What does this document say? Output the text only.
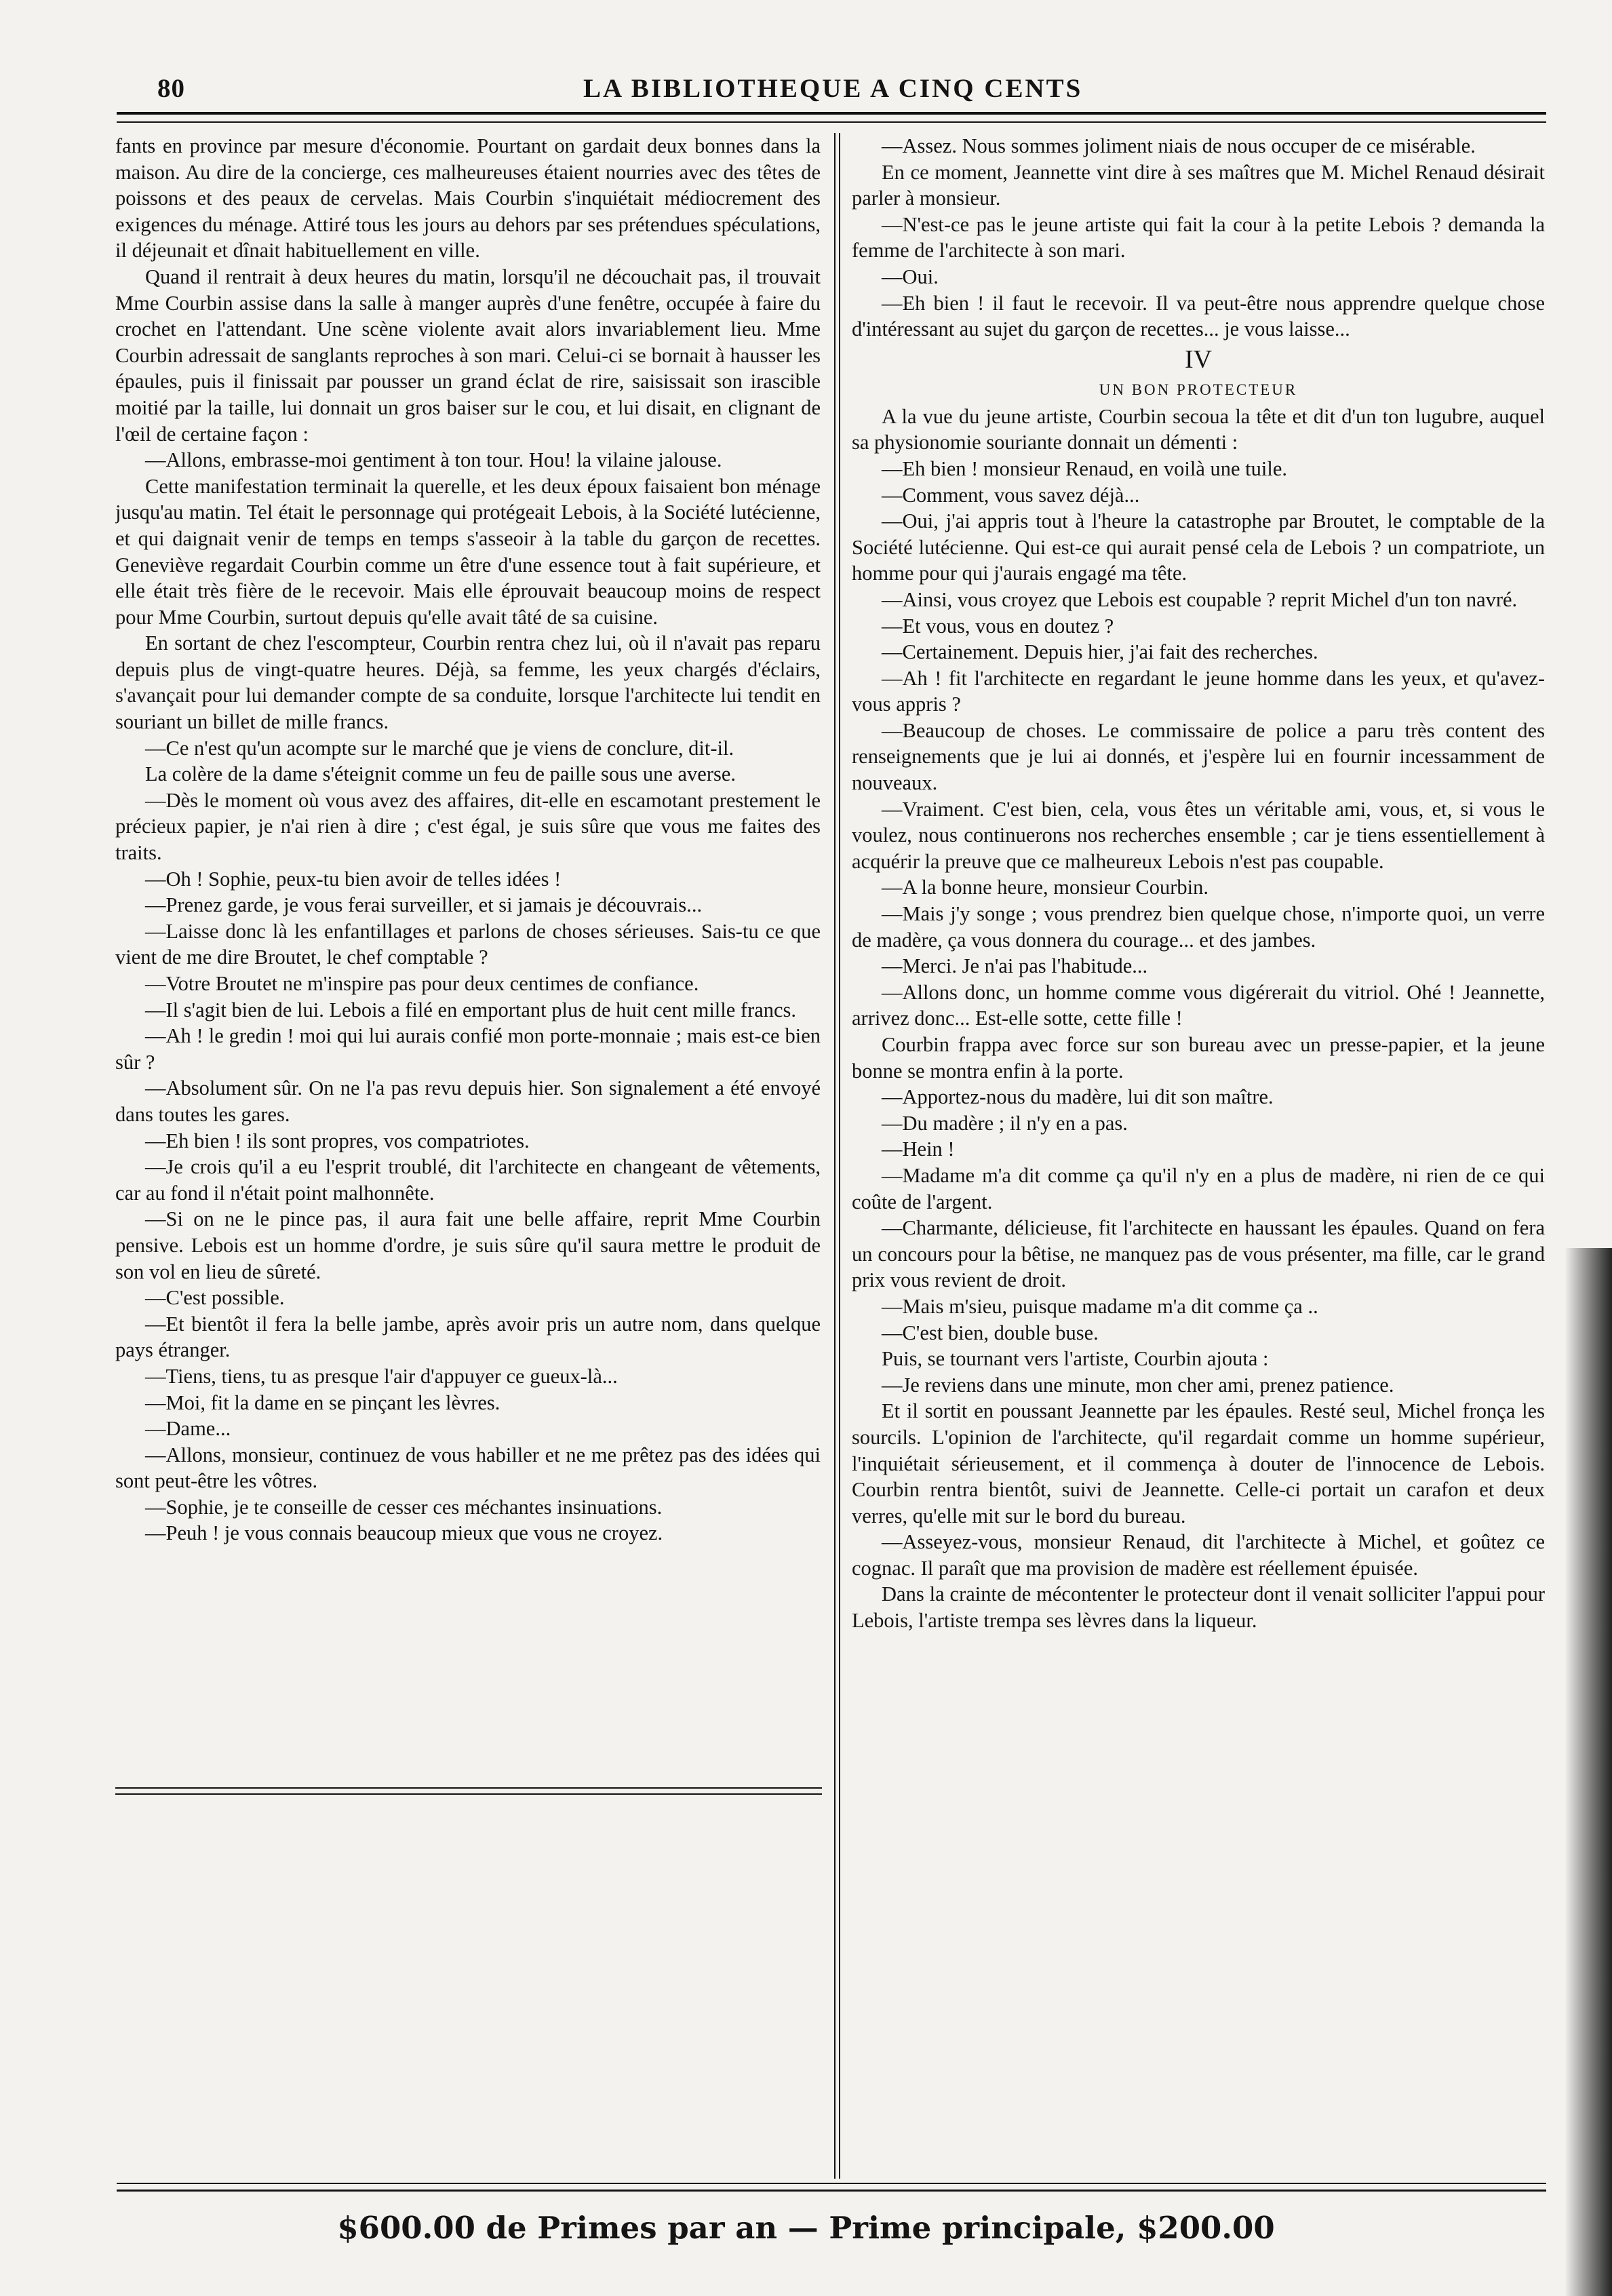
80	LA BIBLIOTHEQUE A CINQ CENTS

fants en province par mesure d'économie. Pourtant on gardait deux bonnes dans la maison. Au dire de la concierge, ces malheureuses étaient nourries avec des têtes de poissons et des peaux de cervelas. Mais Courbin s'inquiétait médiocrement des exigences du ménage. Attiré tous les jours au dehors par ses prétendues spéculations, il déjeunait et dînait habituellement en ville.

Quand il rentrait à deux heures du matin, lorsqu'il ne découchait pas, il trouvait Mme Courbin assise dans la salle à manger auprès d'une fenêtre, occupée à faire du crochet en l'attendant. Une scène violente avait alors invariablement lieu. Mme Courbin adressait de sanglants reproches à son mari. Celui-ci se bornait à hausser les épaules, puis il finissait par pousser un grand éclat de rire, saisissait son irascible moitié par la taille, lui donnait un gros baiser sur le cou, et lui disait, en clignant de l'œil de certaine façon :

—Allons, embrasse-moi gentiment à ton tour. Hou! la vilaine jalouse.

Cette manifestation terminait la querelle, et les deux époux faisaient bon ménage jusqu'au matin. Tel était le personnage qui protégeait Lebois, à la Société lutécienne, et qui daignait venir de temps en temps s'asseoir à la table du garçon de recettes. Geneviève regardait Courbin comme un être d'une essence tout à fait supérieure, et elle était très fière de le recevoir. Mais elle éprouvait beaucoup moins de respect pour Mme Courbin, surtout depuis qu'elle avait tâté de sa cuisine.

En sortant de chez l'escompteur, Courbin rentra chez lui, où il n'avait pas reparu depuis plus de vingt-quatre heures. Déjà, sa femme, les yeux chargés d'éclairs, s'avançait pour lui demander compte de sa conduite, lorsque l'architecte lui tendit en souriant un billet de mille francs.

—Ce n'est qu'un acompte sur le marché que je viens de conclure, dit-il.

La colère de la dame s'éteignit comme un feu de paille sous une averse.

—Dès le moment où vous avez des affaires, dit-elle en escamotant prestement le précieux papier, je n'ai rien à dire ; c'est égal, je suis sûre que vous me faites des traits.

—Oh ! Sophie, peux-tu bien avoir de telles idées !

—Prenez garde, je vous ferai surveiller, et si jamais je découvrais...

—Laisse donc là les enfantillages et parlons de choses sérieuses. Sais-tu ce que vient de me dire Broutet, le chef comptable ?

—Votre Broutet ne m'inspire pas pour deux centimes de confiance.

—Il s'agit bien de lui. Lebois a filé en emportant plus de huit cent mille francs.

—Ah ! le gredin ! moi qui lui aurais confié mon porte-monnaie ; mais est-ce bien sûr ?

—Absolument sûr. On ne l'a pas revu depuis hier. Son signalement a été envoyé dans toutes les gares.

—Eh bien ! ils sont propres, vos compatriotes.

—Je crois qu'il a eu l'esprit troublé, dit l'architecte en changeant de vêtements, car au fond il n'était point malhonnête.

—Si on ne le pince pas, il aura fait une belle affaire, reprit Mme Courbin pensive. Lebois est un homme d'ordre, je suis sûre qu'il saura mettre le produit de son vol en lieu de sûreté.

—C'est possible.

—Et bientôt il fera la belle jambe, après avoir pris un autre nom, dans quelque pays étranger.

—Tiens, tiens, tu as presque l'air d'appuyer ce gueux-là...

—Moi, fit la dame en se pinçant les lèvres.

—Dame...

—Allons, monsieur, continuez de vous habiller et ne me prêtez pas des idées qui sont peut-être les vôtres.

—Sophie, je te conseille de cesser ces méchantes insinuations.

—Peuh ! je vous connais beaucoup mieux que vous ne croyez.

—Assez. Nous sommes joliment niais de nous occuper de ce misérable.

En ce moment, Jeannette vint dire à ses maîtres que M. Michel Renaud désirait parler à monsieur.

—N'est-ce pas le jeune artiste qui fait la cour à la petite Lebois ? demanda la femme de l'architecte à son mari.

—Oui.

—Eh bien ! il faut le recevoir. Il va peut-être nous apprendre quelque chose d'intéressant au sujet du garçon de recettes... je vous laisse...

IV

UN BON PROTECTEUR

A la vue du jeune artiste, Courbin secoua la tête et dit d'un ton lugubre, auquel sa physionomie souriante donnait un démenti :

—Eh bien ! monsieur Renaud, en voilà une tuile.

—Comment, vous savez déjà...

—Oui, j'ai appris tout à l'heure la catastrophe par Broutet, le comptable de la Société lutécienne. Qui est-ce qui aurait pensé cela de Lebois ? un compatriote, un homme pour qui j'aurais engagé ma tête.

—Ainsi, vous croyez que Lebois est coupable ? reprit Michel d'un ton navré.

—Et vous, vous en doutez ?

—Certainement. Depuis hier, j'ai fait des recherches.

—Ah ! fit l'architecte en regardant le jeune homme dans les yeux, et qu'avez-vous appris ?

—Beaucoup de choses. Le commissaire de police a paru très content des renseignements que je lui ai donnés, et j'espère lui en fournir incessamment de nouveaux.

—Vraiment. C'est bien, cela, vous êtes un véritable ami, vous, et, si vous le voulez, nous continuerons nos recherches ensemble ; car je tiens essentiellement à acquérir la preuve que ce malheureux Lebois n'est pas coupable.

—A la bonne heure, monsieur Courbin.

—Mais j'y songe ; vous prendrez bien quelque chose, n'importe quoi, un verre de madère, ça vous donnera du courage... et des jambes.

—Merci. Je n'ai pas l'habitude...

—Allons donc, un homme comme vous digérerait du vitriol. Ohé ! Jeannette, arrivez donc... Est-elle sotte, cette fille !

Courbin frappa avec force sur son bureau avec un presse-papier, et la jeune bonne se montra enfin à la porte.

—Apportez-nous du madère, lui dit son maître.

—Du madère ; il n'y en a pas.

—Hein !

—Madame m'a dit comme ça qu'il n'y en a plus de madère, ni rien de ce qui coûte de l'argent.

—Charmante, délicieuse, fit l'architecte en haussant les épaules. Quand on fera un concours pour la bêtise, ne manquez pas de vous présenter, ma fille, car le grand prix vous revient de droit.

—Mais m'sieu, puisque madame m'a dit comme ça ..

—C'est bien, double buse.

Puis, se tournant vers l'artiste, Courbin ajouta :

—Je reviens dans une minute, mon cher ami, prenez patience.

Et il sortit en poussant Jeannette par les épaules. Resté seul, Michel fronça les sourcils. L'opinion de l'architecte, qu'il regardait comme un homme supérieur, l'inquiétait sérieusement, et il commença à douter de l'innocence de Lebois. Courbin rentra bientôt, suivi de Jeannette. Celle-ci portait un carafon et deux verres, qu'elle mit sur le bord du bureau.

—Asseyez-vous, monsieur Renaud, dit l'architecte à Michel, et goûtez ce cognac. Il paraît que ma provision de madère est réellement épuisée.

Dans la crainte de mécontenter le protecteur dont il venait solliciter l'appui pour Lebois, l'artiste trempa ses lèvres dans la liqueur.

$600.00 de Primes par an — Prime principale, $200.00
